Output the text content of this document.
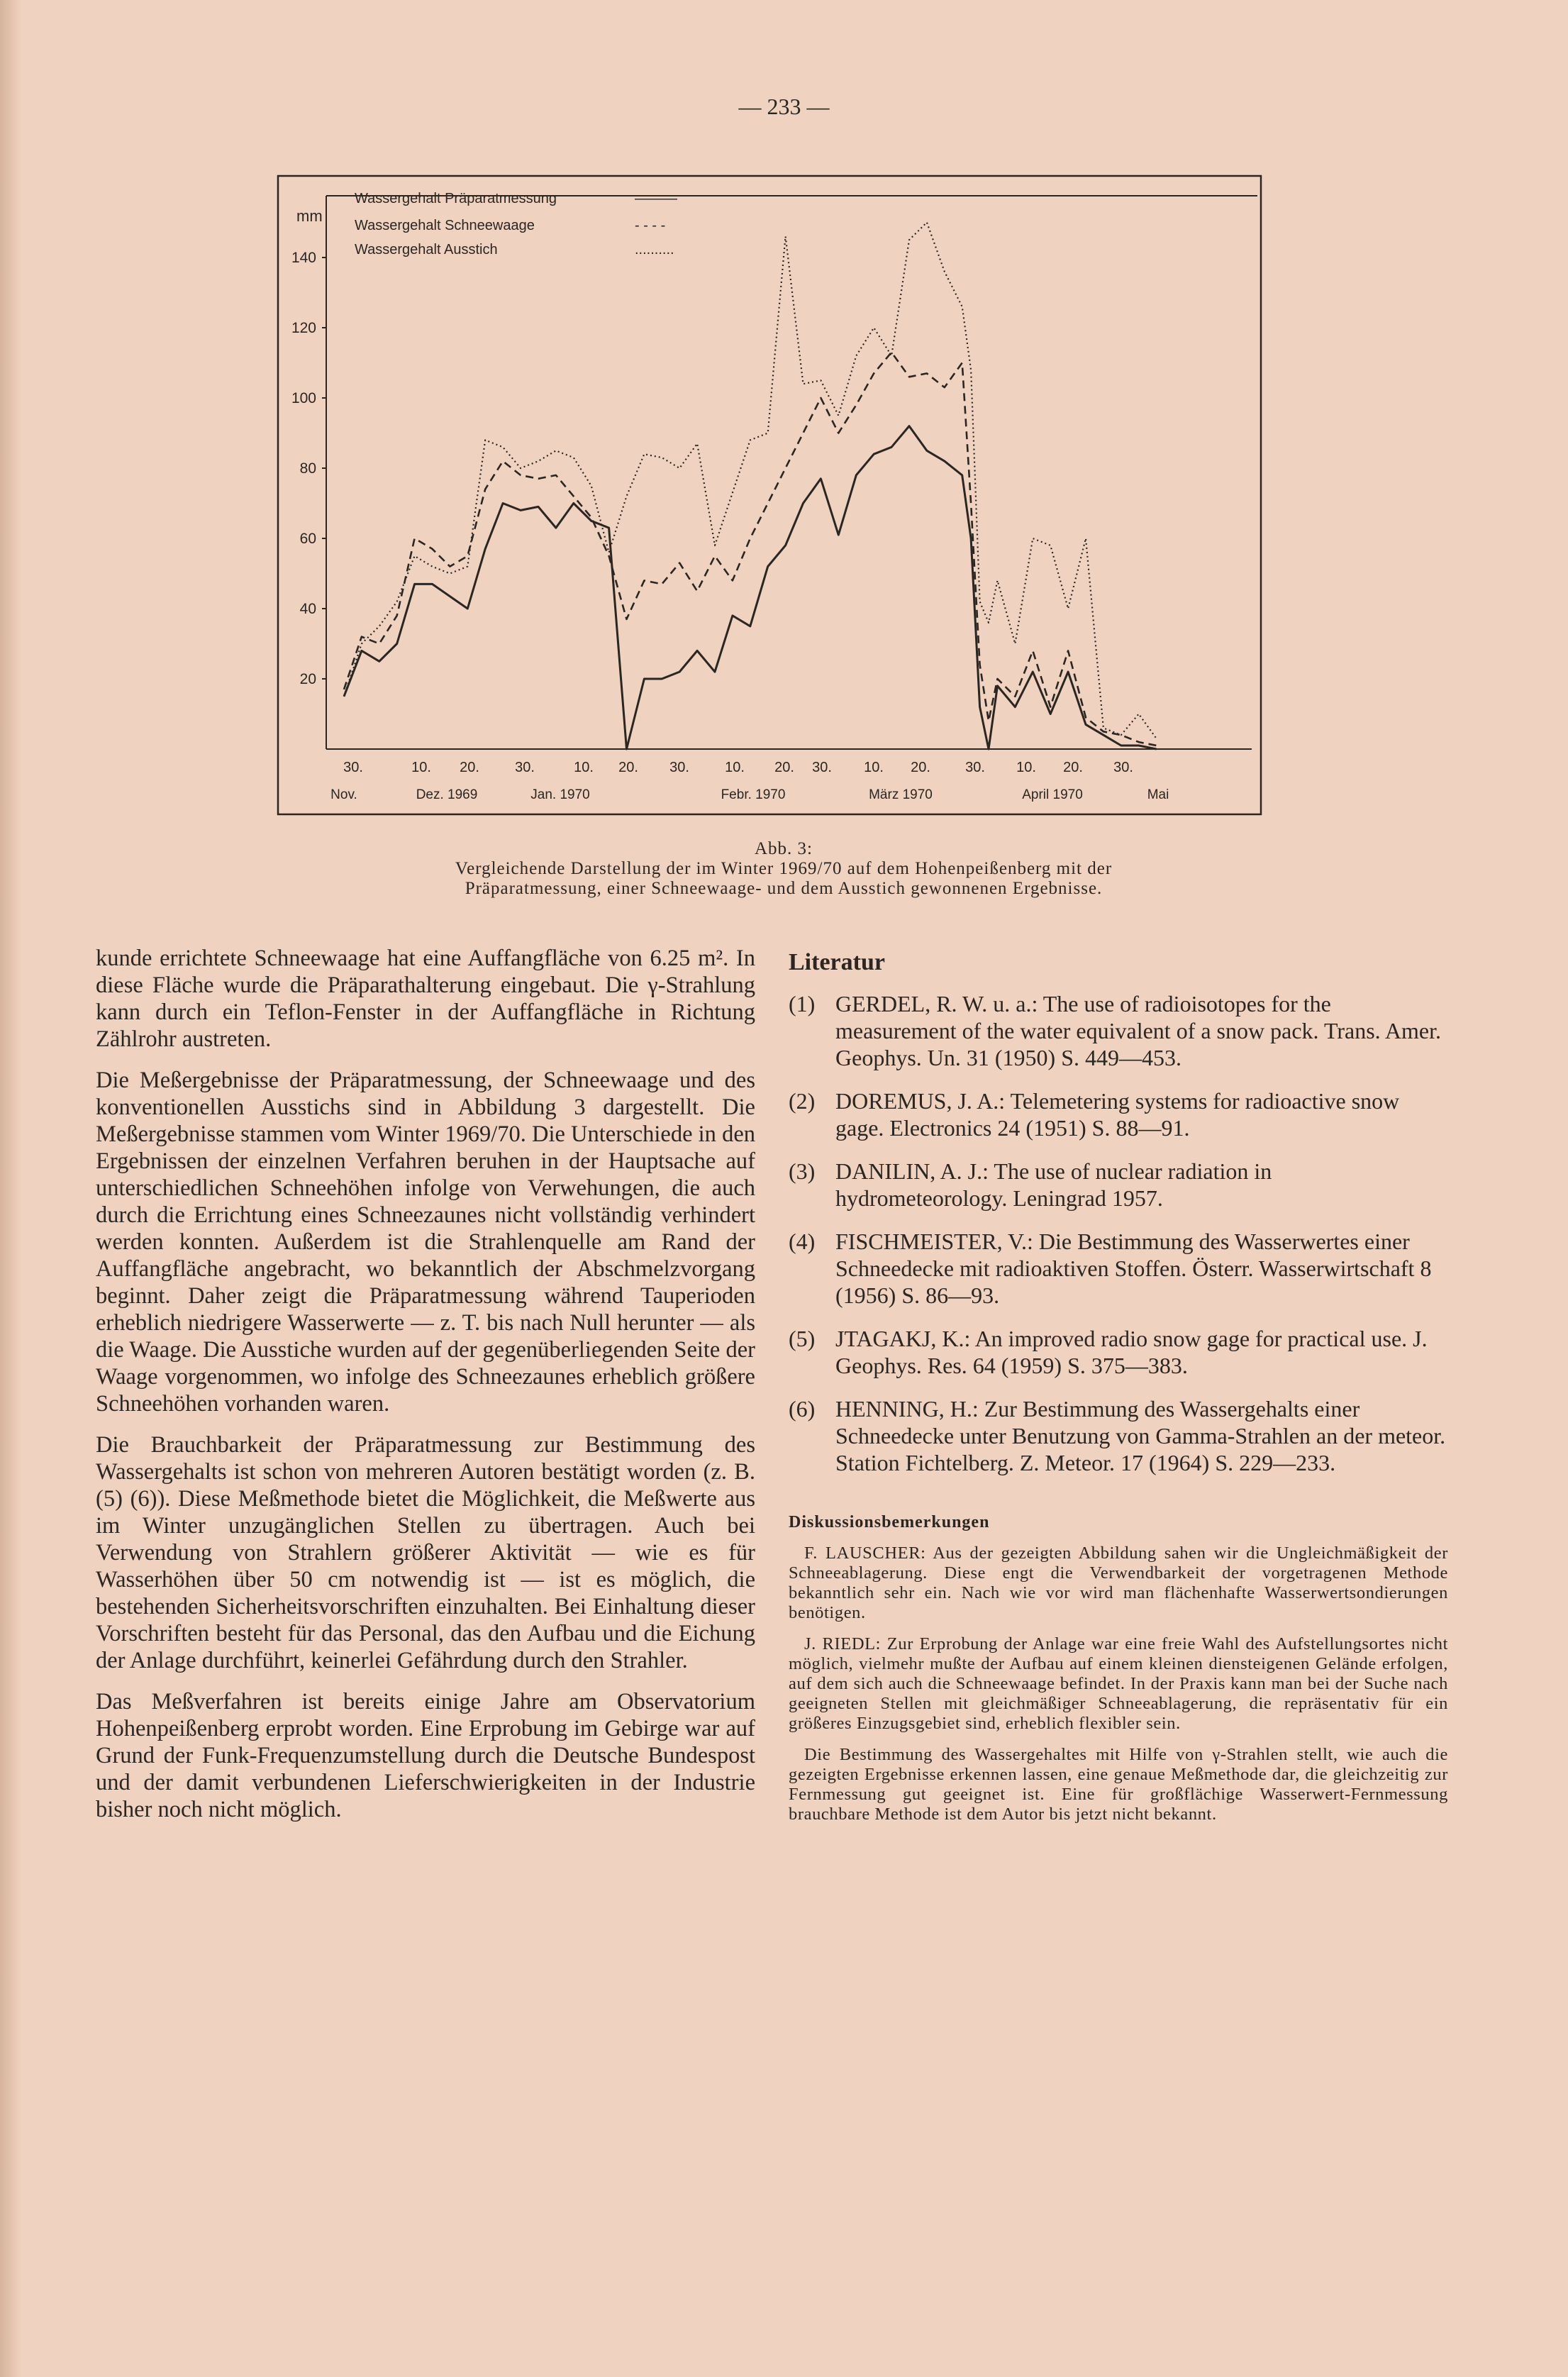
— 233 —
mm
Wassergehalt Präparatmessung	———
Wassergehalt Schneewaage	- - - -
Wassergehalt Ausstich	..........
20
40
60
80
100
120
140
30.	10. 20.	30.	10. 20. 30.	10. 20. 30. 10. 20. 30. 10. 20. 30.
Nov.	Dez. 1969	Jan. 1970	Febr. 1970	März 1970	April 1970	Mai
Abb. 3:
Vergleichende Darstellung der im Winter 1969/70 auf dem Hohenpeißenberg mit der Präparatmessung, einer Schneewaage- und dem Ausstich gewonnenen Ergebnisse.

kunde errichtete Schneewaage hat eine Auffangfläche von 6.25 m². In diese Fläche wurde die Präparathalterung eingebaut. Die γ-Strahlung kann durch ein Teflon-Fenster in der Auffangfläche in Richtung Zählrohr austreten.

Die Meßergebnisse der Präparatmessung, der Schneewaage und des konventionellen Ausstichs sind in Abbildung 3 dargestellt. Die Meßergebnisse stammen vom Winter 1969/70. Die Unterschiede in den Ergebnissen der einzelnen Verfahren beruhen in der Hauptsache auf unterschiedlichen Schneehöhen infolge von Verwehungen, die auch durch die Errichtung eines Schneezaunes nicht vollständig verhindert werden konnten. Außerdem ist die Strahlenquelle am Rand der Auffangfläche angebracht, wo bekanntlich der Abschmelzvorgang beginnt. Daher zeigt die Präparatmessung während Tauperioden erheblich niedrigere Wasserwerte — z. T. bis nach Null herunter — als die Waage. Die Ausstiche wurden auf der gegenüberliegenden Seite der Waage vorgenommen, wo infolge des Schneezaunes erheblich größere Schneehöhen vorhanden waren.

Die Brauchbarkeit der Präparatmessung zur Bestimmung des Wassergehalts ist schon von mehreren Autoren bestätigt worden (z. B. (5) (6)). Diese Meßmethode bietet die Möglichkeit, die Meßwerte aus im Winter unzugänglichen Stellen zu übertragen. Auch bei Verwendung von Strahlern größerer Aktivität — wie es für Wasserhöhen über 50 cm notwendig ist — ist es möglich, die bestehenden Sicherheitsvorschriften einzuhalten. Bei Einhaltung dieser Vorschriften besteht für das Personal, das den Aufbau und die Eichung der Anlage durchführt, keinerlei Gefährdung durch den Strahler.

Das Meßverfahren ist bereits einige Jahre am Observatorium Hohenpeißenberg erprobt worden. Eine Erprobung im Gebirge war auf Grund der Funk-Frequenzumstellung durch die Deutsche Bundespost und der damit verbundenen Lieferschwierigkeiten in der Industrie bisher noch nicht möglich.

Literatur
(1) GERDEL, R. W. u. a.: The use of radioisotopes for the measurement of the water equivalent of a snow pack. Trans. Amer. Geophys. Un. 31 (1950) S. 449—453.
(2) DOREMUS, J. A.: Telemetering systems for radioactive snow gage. Electronics 24 (1951) S. 88—91.
(3) DANILIN, A. J.: The use of nuclear radiation in hydrometeorology. Leningrad 1957.
(4) FISCHMEISTER, V.: Die Bestimmung des Wasserwertes einer Schneedecke mit radioaktiven Stoffen. Österr. Wasserwirtschaft 8 (1956) S. 86—93.
(5) JTAGAKJ, K.: An improved radio snow gage for practical use. J. Geophys. Res. 64 (1959) S. 375—383.
(6) HENNING, H.: Zur Bestimmung des Wassergehalts einer Schneedecke unter Benutzung von Gamma-Strahlen an der meteor. Station Fichtelberg. Z. Meteor. 17 (1964) S. 229—233.
Diskussionsbemerkungen

F. LAUSCHER: Aus der gezeigten Abbildung sahen wir die Ungleichmäßigkeit der Schneeablagerung. Diese engt die Verwendbarkeit der vorgetragenen Methode bekanntlich sehr ein. Nach wie vor wird man flächenhafte Wasserwertsondierungen benötigen.

J. RIEDL: Zur Erprobung der Anlage war eine freie Wahl des Aufstellungsortes nicht möglich, vielmehr mußte der Aufbau auf einem kleinen diensteigenen Gelände erfolgen, auf dem sich auch die Schneewaage befindet. In der Praxis kann man bei der Suche nach geeigneten Stellen mit gleichmäßiger Schneeablagerung, die repräsentativ für ein größeres Einzugsgebiet sind, erheblich flexibler sein.

Die Bestimmung des Wassergehaltes mit Hilfe von γ-Strahlen stellt, wie auch die gezeigten Ergebnisse erkennen lassen, eine genaue Meßmethode dar, die gleichzeitig zur Fernmessung gut geeignet ist. Eine für großflächige Wasserwert-Fernmessung brauchbare Methode ist dem Autor bis jetzt nicht bekannt.
